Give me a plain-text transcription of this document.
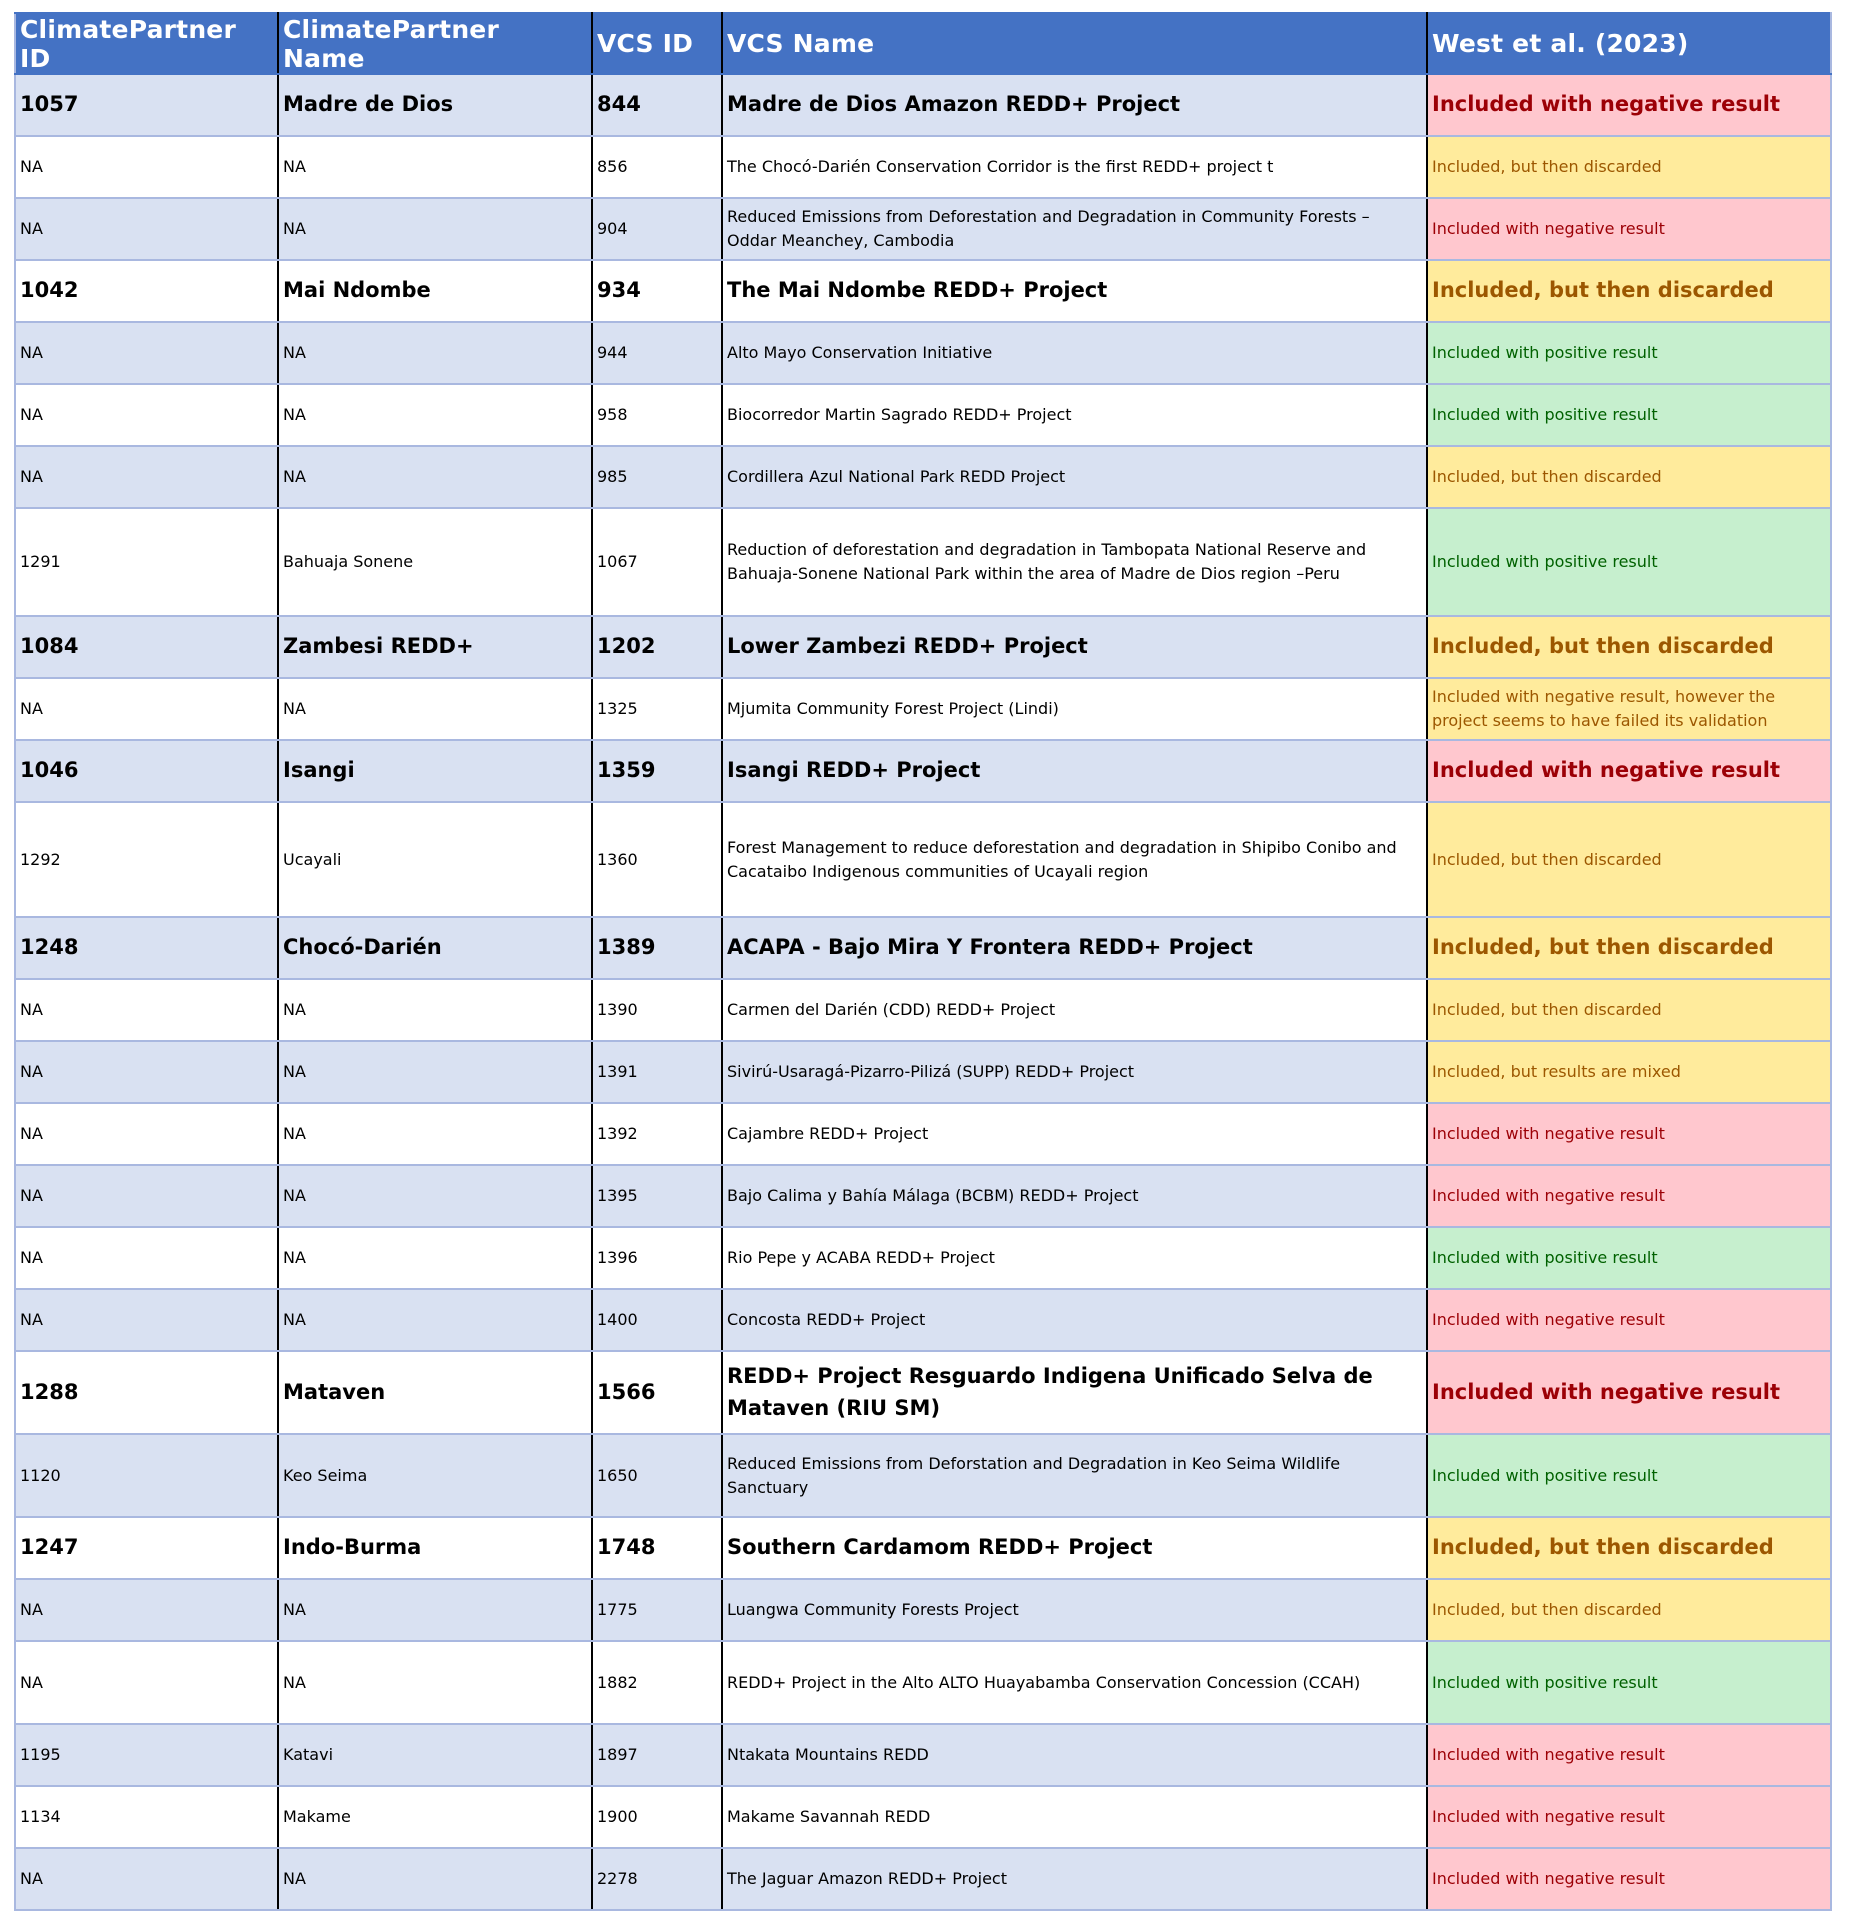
ClimatePartner ID	ClimatePartner Name	VCS ID	VCS Name	West et al. (2023)
1057	Madre de Dios	844	Madre de Dios Amazon REDD+ Project	Included with negative result
NA	NA	856	The Chocó-Darién Conservation Corridor is the first REDD+ project t	Included, but then discarded
NA	NA	904	Reduced Emissions from Deforestation and Degradation in Community Forests – Oddar Meanchey, Cambodia	Included with negative result
1042	Mai Ndombe	934	The Mai Ndombe REDD+ Project	Included, but then discarded
NA	NA	944	Alto Mayo Conservation Initiative	Included with positive result
NA	NA	958	Biocorredor Martin Sagrado REDD+ Project	Included with positive result
NA	NA	985	Cordillera Azul National Park REDD Project	Included, but then discarded
1291	Bahuaja Sonene	1067	Reduction of deforestation and degradation in Tambopata National Reserve and Bahuaja-Sonene National Park within the area of Madre de Dios region –Peru	Included with positive result
1084	Zambesi REDD+	1202	Lower Zambezi REDD+ Project	Included, but then discarded
NA	NA	1325	Mjumita Community Forest Project (Lindi)	Included with negative result, however the project seems to have failed its validation
1046	Isangi	1359	Isangi REDD+ Project	Included with negative result
1292	Ucayali	1360	Forest Management to reduce deforestation and degradation in Shipibo Conibo and Cacataibo Indigenous communities of Ucayali region	Included, but then discarded
1248	Chocó-Darién	1389	ACAPA - Bajo Mira Y Frontera REDD+ Project	Included, but then discarded
NA	NA	1390	Carmen del Darién (CDD) REDD+ Project	Included, but then discarded
NA	NA	1391	Sivirú-Usaragá-Pizarro-Pilizá (SUPP) REDD+ Project	Included, but results are mixed
NA	NA	1392	Cajambre REDD+ Project	Included with negative result
NA	NA	1395	Bajo Calima y Bahía Málaga (BCBM) REDD+ Project	Included with negative result
NA	NA	1396	Rio Pepe y ACABA REDD+ Project	Included with positive result
NA	NA	1400	Concosta REDD+ Project	Included with negative result
1288	Mataven	1566	REDD+ Project Resguardo Indigena Unificado Selva de Mataven (RIU SM)	Included with negative result
1120	Keo Seima	1650	Reduced Emissions from Deforstation and Degradation in Keo Seima Wildlife Sanctuary	Included with positive result
1247	Indo-Burma	1748	Southern Cardamom REDD+ Project	Included, but then discarded
NA	NA	1775	Luangwa Community Forests Project	Included, but then discarded
NA	NA	1882	REDD+ Project in the Alto ALTO Huayabamba Conservation Concession (CCAH)	Included with positive result
1195	Katavi	1897	Ntakata Mountains REDD	Included with negative result
1134	Makame	1900	Makame Savannah REDD	Included with negative result
NA	NA	2278	The Jaguar Amazon REDD+ Project	Included with negative result
